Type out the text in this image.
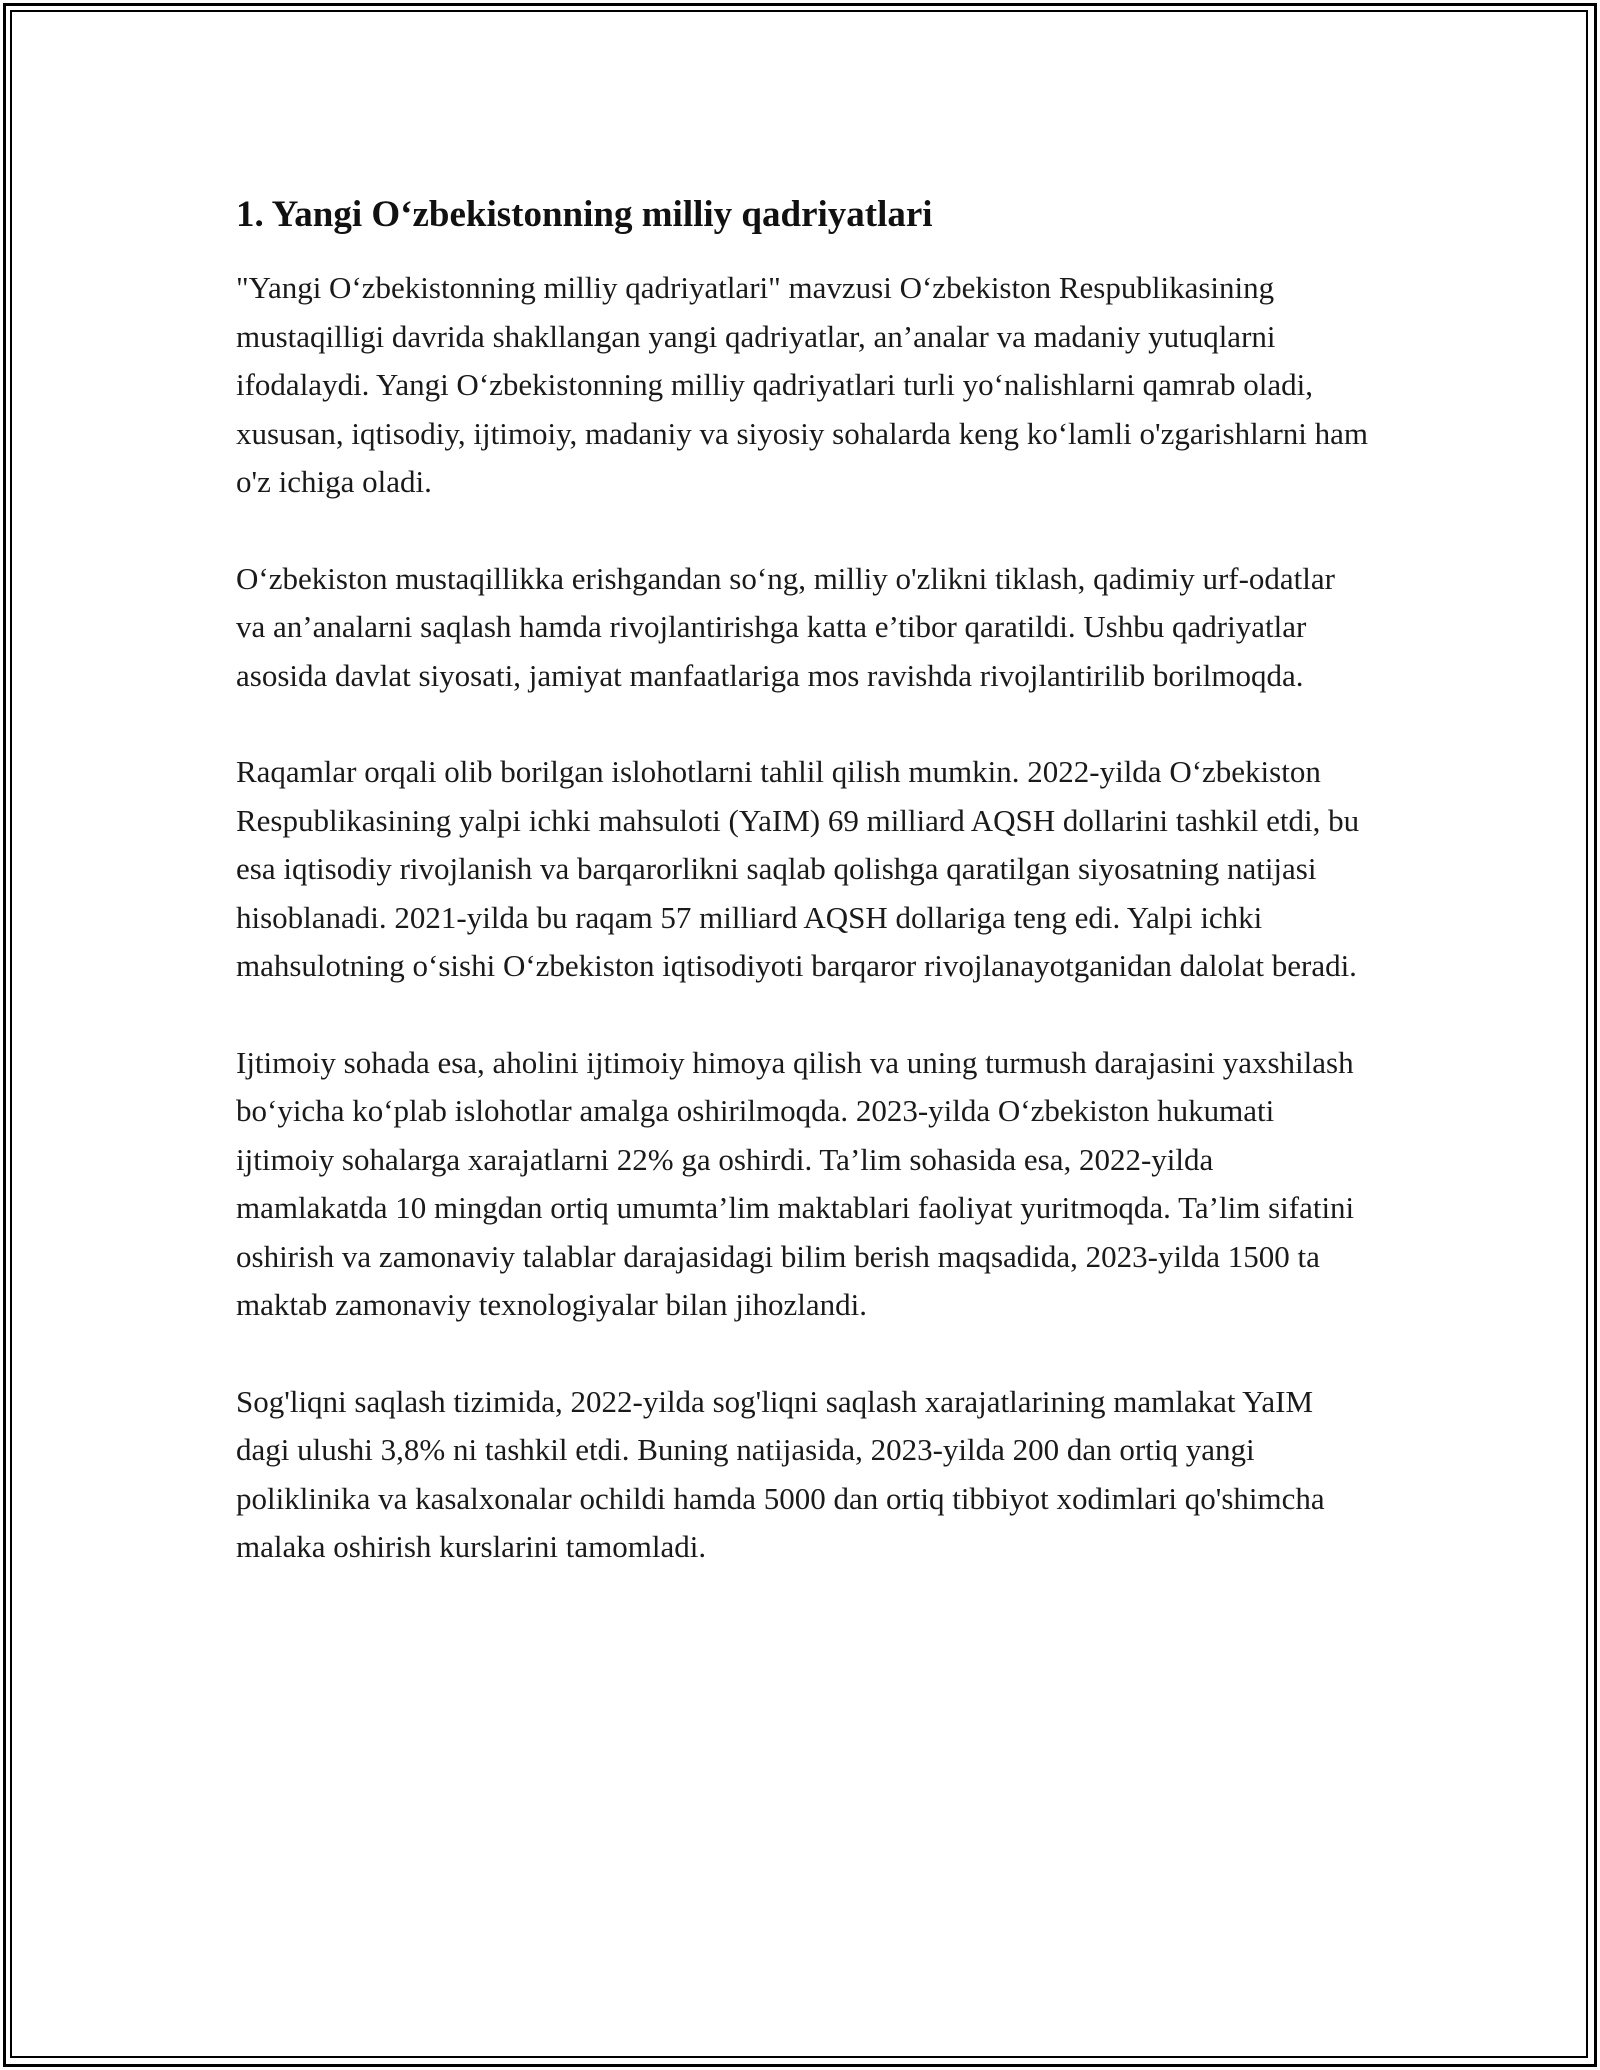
1. Yangi O‘zbekistonning milliy qadriyatlari

"Yangi O‘zbekistonning milliy qadriyatlari" mavzusi O‘zbekiston Respublikasining mustaqilligi davrida shakllangan yangi qadriyatlar, an’analar va madaniy yutuqlarni ifodalaydi. Yangi O‘zbekistonning milliy qadriyatlari turli yo‘nalishlarni qamrab oladi, xususan, iqtisodiy, ijtimoiy, madaniy va siyosiy sohalarda keng ko‘lamli o'zgarishlarni ham o'z ichiga oladi.

O‘zbekiston mustaqillikka erishgandan so‘ng, milliy o'zlikni tiklash, qadimiy urf-odatlar va an’analarni saqlash hamda rivojlantirishga katta e’tibor qaratildi. Ushbu qadriyatlar asosida davlat siyosati, jamiyat manfaatlariga mos ravishda rivojlantirilib borilmoqda.

Raqamlar orqali olib borilgan islohotlarni tahlil qilish mumkin. 2022-yilda O‘zbekiston Respublikasining yalpi ichki mahsuloti (YaIM) 69 milliard AQSH dollarini tashkil etdi, bu esa iqtisodiy rivojlanish va barqarorlikni saqlab qolishga qaratilgan siyosatning natijasi hisoblanadi. 2021-yilda bu raqam 57 milliard AQSH dollariga teng edi. Yalpi ichki mahsulotning o‘sishi O‘zbekiston iqtisodiyoti barqaror rivojlanayotganidan dalolat beradi.

Ijtimoiy sohada esa, aholini ijtimoiy himoya qilish va uning turmush darajasini yaxshilash bo‘yicha ko‘plab islohotlar amalga oshirilmoqda. 2023-yilda O‘zbekiston hukumati ijtimoiy sohalarga xarajatlarni 22% ga oshirdi. Ta’lim sohasida esa, 2022-yilda mamlakatda 10 mingdan ortiq umumta’lim maktablari faoliyat yuritmoqda. Ta’lim sifatini oshirish va zamonaviy talablar darajasidagi bilim berish maqsadida, 2023-yilda 1500 ta maktab zamonaviy texnologiyalar bilan jihozlandi.

Sog'liqni saqlash tizimida, 2022-yilda sog'liqni saqlash xarajatlarining mamlakat YaIM dagi ulushi 3,8% ni tashkil etdi. Buning natijasida, 2023-yilda 200 dan ortiq yangi poliklinika va kasalxonalar ochildi hamda 5000 dan ortiq tibbiyot xodimlari qo'shimcha malaka oshirish kurslarini tamomladi.
